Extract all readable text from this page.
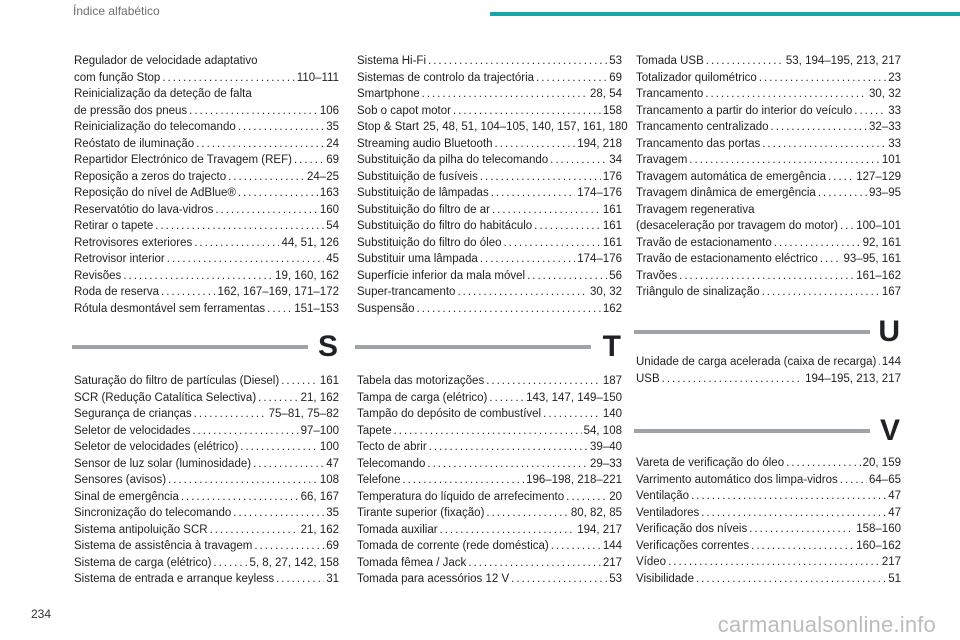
Índice alfabético
Regulador de velocidade adaptativo
com função Stop . . .	110–111
Reinicialização da deteção de falta
de pressão dos pneus . . .	106
Reinicialização do telecomando . . .	35
Reóstato de iluminação . . .	24
Repartidor Electrónico de Travagem (REF) . . .	69
Reposição a zeros do trajecto . . .	24–25
Reposição do nível de AdBlue® . . .	163
Reservatótio do lava-vidros . . .	160
Retirar o tapete . . .	54
Retrovisores exteriores . . .	44, 51, 126
Retrovisor interior . . .	45
Revisões . . .	19, 160, 162
Roda de reserva . . .	162, 167–169, 171–172
Rótula desmontável sem ferramentas . . .	151–153
Sistema Hi-Fi . . .	53
Sistemas de controlo da trajectória . . .	69
Smartphone . . .	28, 54
Sob o capot motor . . .	158
Stop & Start 25, 48, 51, 104–105, 140, 157, 161, 180
Streaming audio Bluetooth . . .	194, 218
Substituição da pilha do telecomando . . .	34
Substituição de fusíveis . . .	176
Substituição de lâmpadas . . .	174–176
Substituição do filtro de ar . . .	161
Substituição do filtro do habitáculo . . .	161
Substituição do filtro do óleo . . .	161
Substituir uma lâmpada . . .	174–176
Superfície inferior da mala móvel . . .	56
Super-trancamento . . .	30, 32
Suspensão . . .	162
Tomada USB . . .	53, 194–195, 213, 217
Totalizador quilométrico . . .	23
Trancamento . . .	30, 32
Trancamento a partir do interior do veículo . . .	33
Trancamento centralizado . . .	32–33
Trancamento das portas . . .	33
Travagem . . .	101
Travagem automática de emergência . . .	127–129
Travagem dinâmica de emergência . . .	93–95
Travagem regenerativa
(desaceleração por travagem do motor) . . . 100–101
Travão de estacionamento . . .	92, 161
Travão de estacionamento eléctrico . . . 93–95, 161
Travões . . .	161–162
Triângulo de sinalização . . .	167
S
Saturação do filtro de partículas (Diesel) . . .	161
SCR (Redução Catalítica Selectiva) . . .	21, 162
Segurança de crianças . . .	75–81, 75–82
Seletor de velocidades . . .	97–100
Seletor de velocidades (elétrico) . . .	100
Sensor de luz solar (luminosidade) . . .	47
Sensores (avisos) . . .	108
Sinal de emergência . . .	66, 167
Sincronização do telecomando . . .	35
Sistema antipoluição SCR . . .	21, 162
Sistema de assistência à travagem . . .	69
Sistema de carga (elétrico) . . .	5, 8, 27, 142, 158
Sistema de entrada e arranque keyless . . .	31
T
Tabela das motorizações . . .	187
Tampa de carga (elétrico) . . .	143, 147, 149–150
Tampão do depósito de combustível . . .	140
Tapete . . .	54, 108
Tecto de abrir . . .	39–40
Telecomando . . .	29–33
Telefone . . .	196–198, 218–221
Temperatura do líquido de arrefecimento . . .	20
Tirante superior (fixação) . . .	80, 82, 85
Tomada auxiliar . . .	194, 217
Tomada de corrente (rede doméstica) . . .	144
Tomada fêmea / Jack . . .	217
Tomada para acessórios 12 V . . .	53
U
Unidade de carga acelerada (caixa de recarga) . . . 144
USB . . .	194–195, 213, 217
V
Vareta de verificação do óleo . . .	20, 159
Varrimento automático dos limpa-vidros . . .	64–65
Ventilação . . .	47
Ventiladores . . .	47
Verificação dos níveis . . .	158–160
Verificações correntes . . .	160–162
Vídeo . . .	217
Visibilidade . . .	51
234	carmanualsonline.info
